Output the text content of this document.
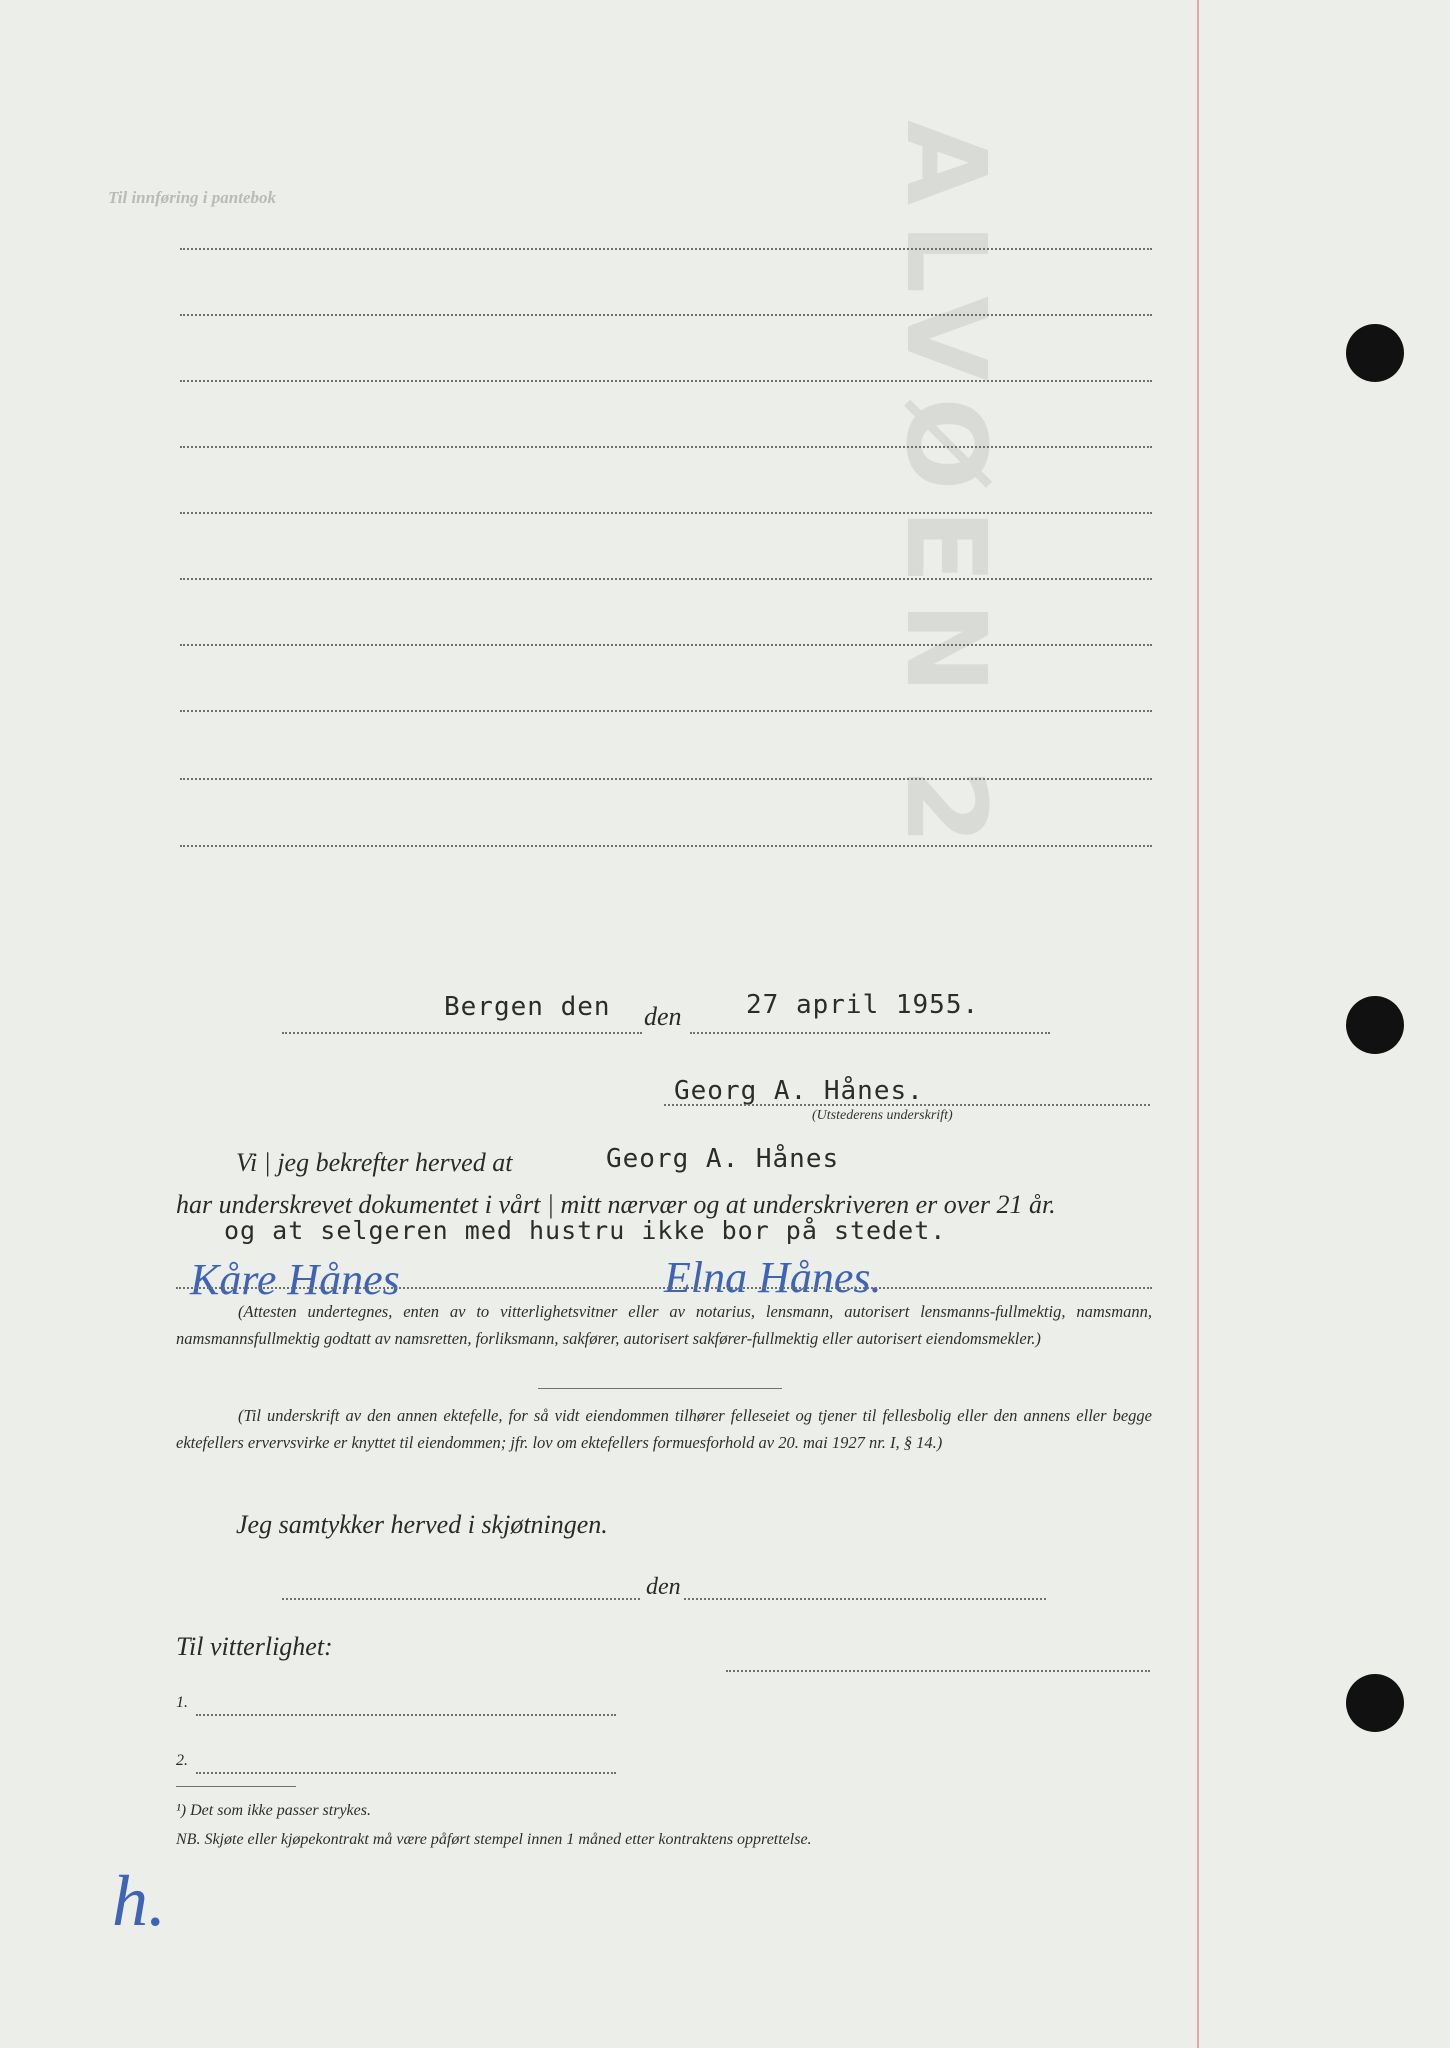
ALVØEN 2
Til innføring i pantebok
Bergen den den 27 april 1955.
Georg A. Hånes.
(Utstederens underskrift)
Vi | jeg bekrefter herved at	Georg A. Hånes
har underskrevet dokumentet i vårt | mitt nærvær og at underskriveren er over 21 år.
og at selgeren med hustru ikke bor på stedet.
Kåre Hånes	Elna Hånes.
(Attesten undertegnes, enten av to vitterlighetsvitner eller av notarius, lensmann, autorisert lensmanns-fullmektig, namsmann, namsmannsfullmektig godtatt av namsretten, forliksmann, sakfører, autorisert sakfører-fullmektig eller autorisert eiendomsmekler.)
(Til underskrift av den annen ektefelle, for så vidt eiendommen tilhører felleseiet og tjener til fellesbolig eller den annens eller begge ektefellers ervervsvirke er knyttet til eiendommen; jfr. lov om ektefellers formuesforhold av 20. mai 1927 nr. I, § 14.)
Jeg samtykker herved i skjøtningen.
den
Til vitterlighet:
1.
2.
¹) Det som ikke passer strykes.
NB. Skjøte eller kjøpekontrakt må være påført stempel innen 1 måned etter kontraktens opprettelse.
h.
